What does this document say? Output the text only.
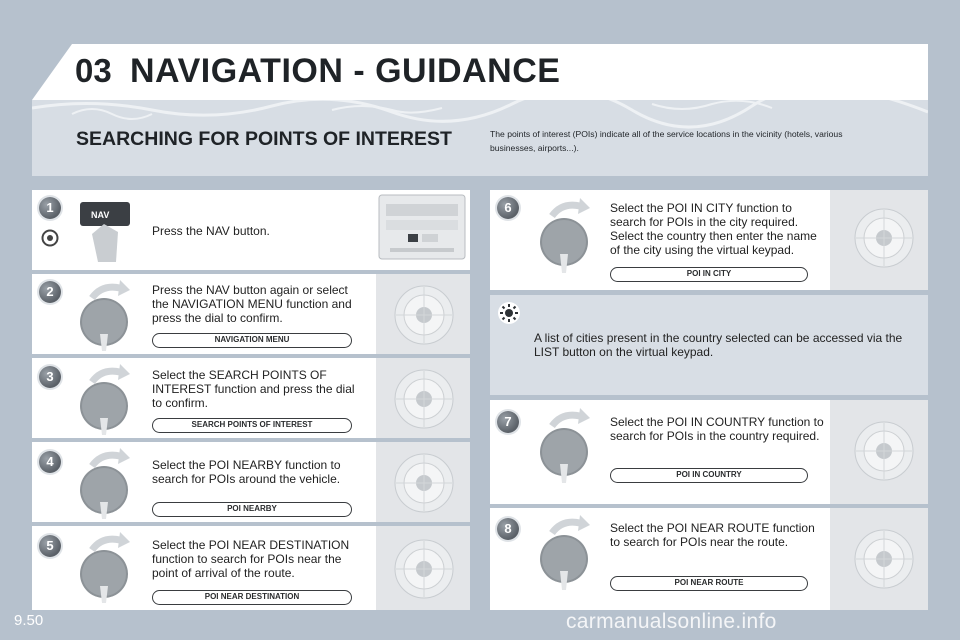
03 NAVIGATION - GUIDANCE
SEARCHING FOR POINTS OF INTEREST	The points of interest (POIs) indicate all of the service locations in the vicinity (hotels, various businesses, airports...).
1	NAV
Press the NAV button.
2	Press the NAV button again or select the NAVIGATION MENU function and press the dial to confirm.
NAVIGATION MENU
3	Select the SEARCH POINTS OF INTEREST function and press the dial to confirm.
SEARCH POINTS OF INTEREST
4	Select the POI NEARBY function to search for POIs around the vehicle.
POI NEARBY
5	Select the POI NEAR DESTINATION function to search for POIs near the point of arrival of the route.
POI NEAR DESTINATION
6	Select the POI IN CITY function to search for POIs in the city required. Select the country then enter the name of the city using the virtual keypad.
POI IN CITY
A list of cities present in the country selected can be accessed via the LIST button on the virtual keypad.
7	Select the POI IN COUNTRY function to search for POIs in the country required.
POI IN COUNTRY
8	Select the POI NEAR ROUTE function to search for POIs near the route.
POI NEAR ROUTE
9.50	carmanualsonline.info
